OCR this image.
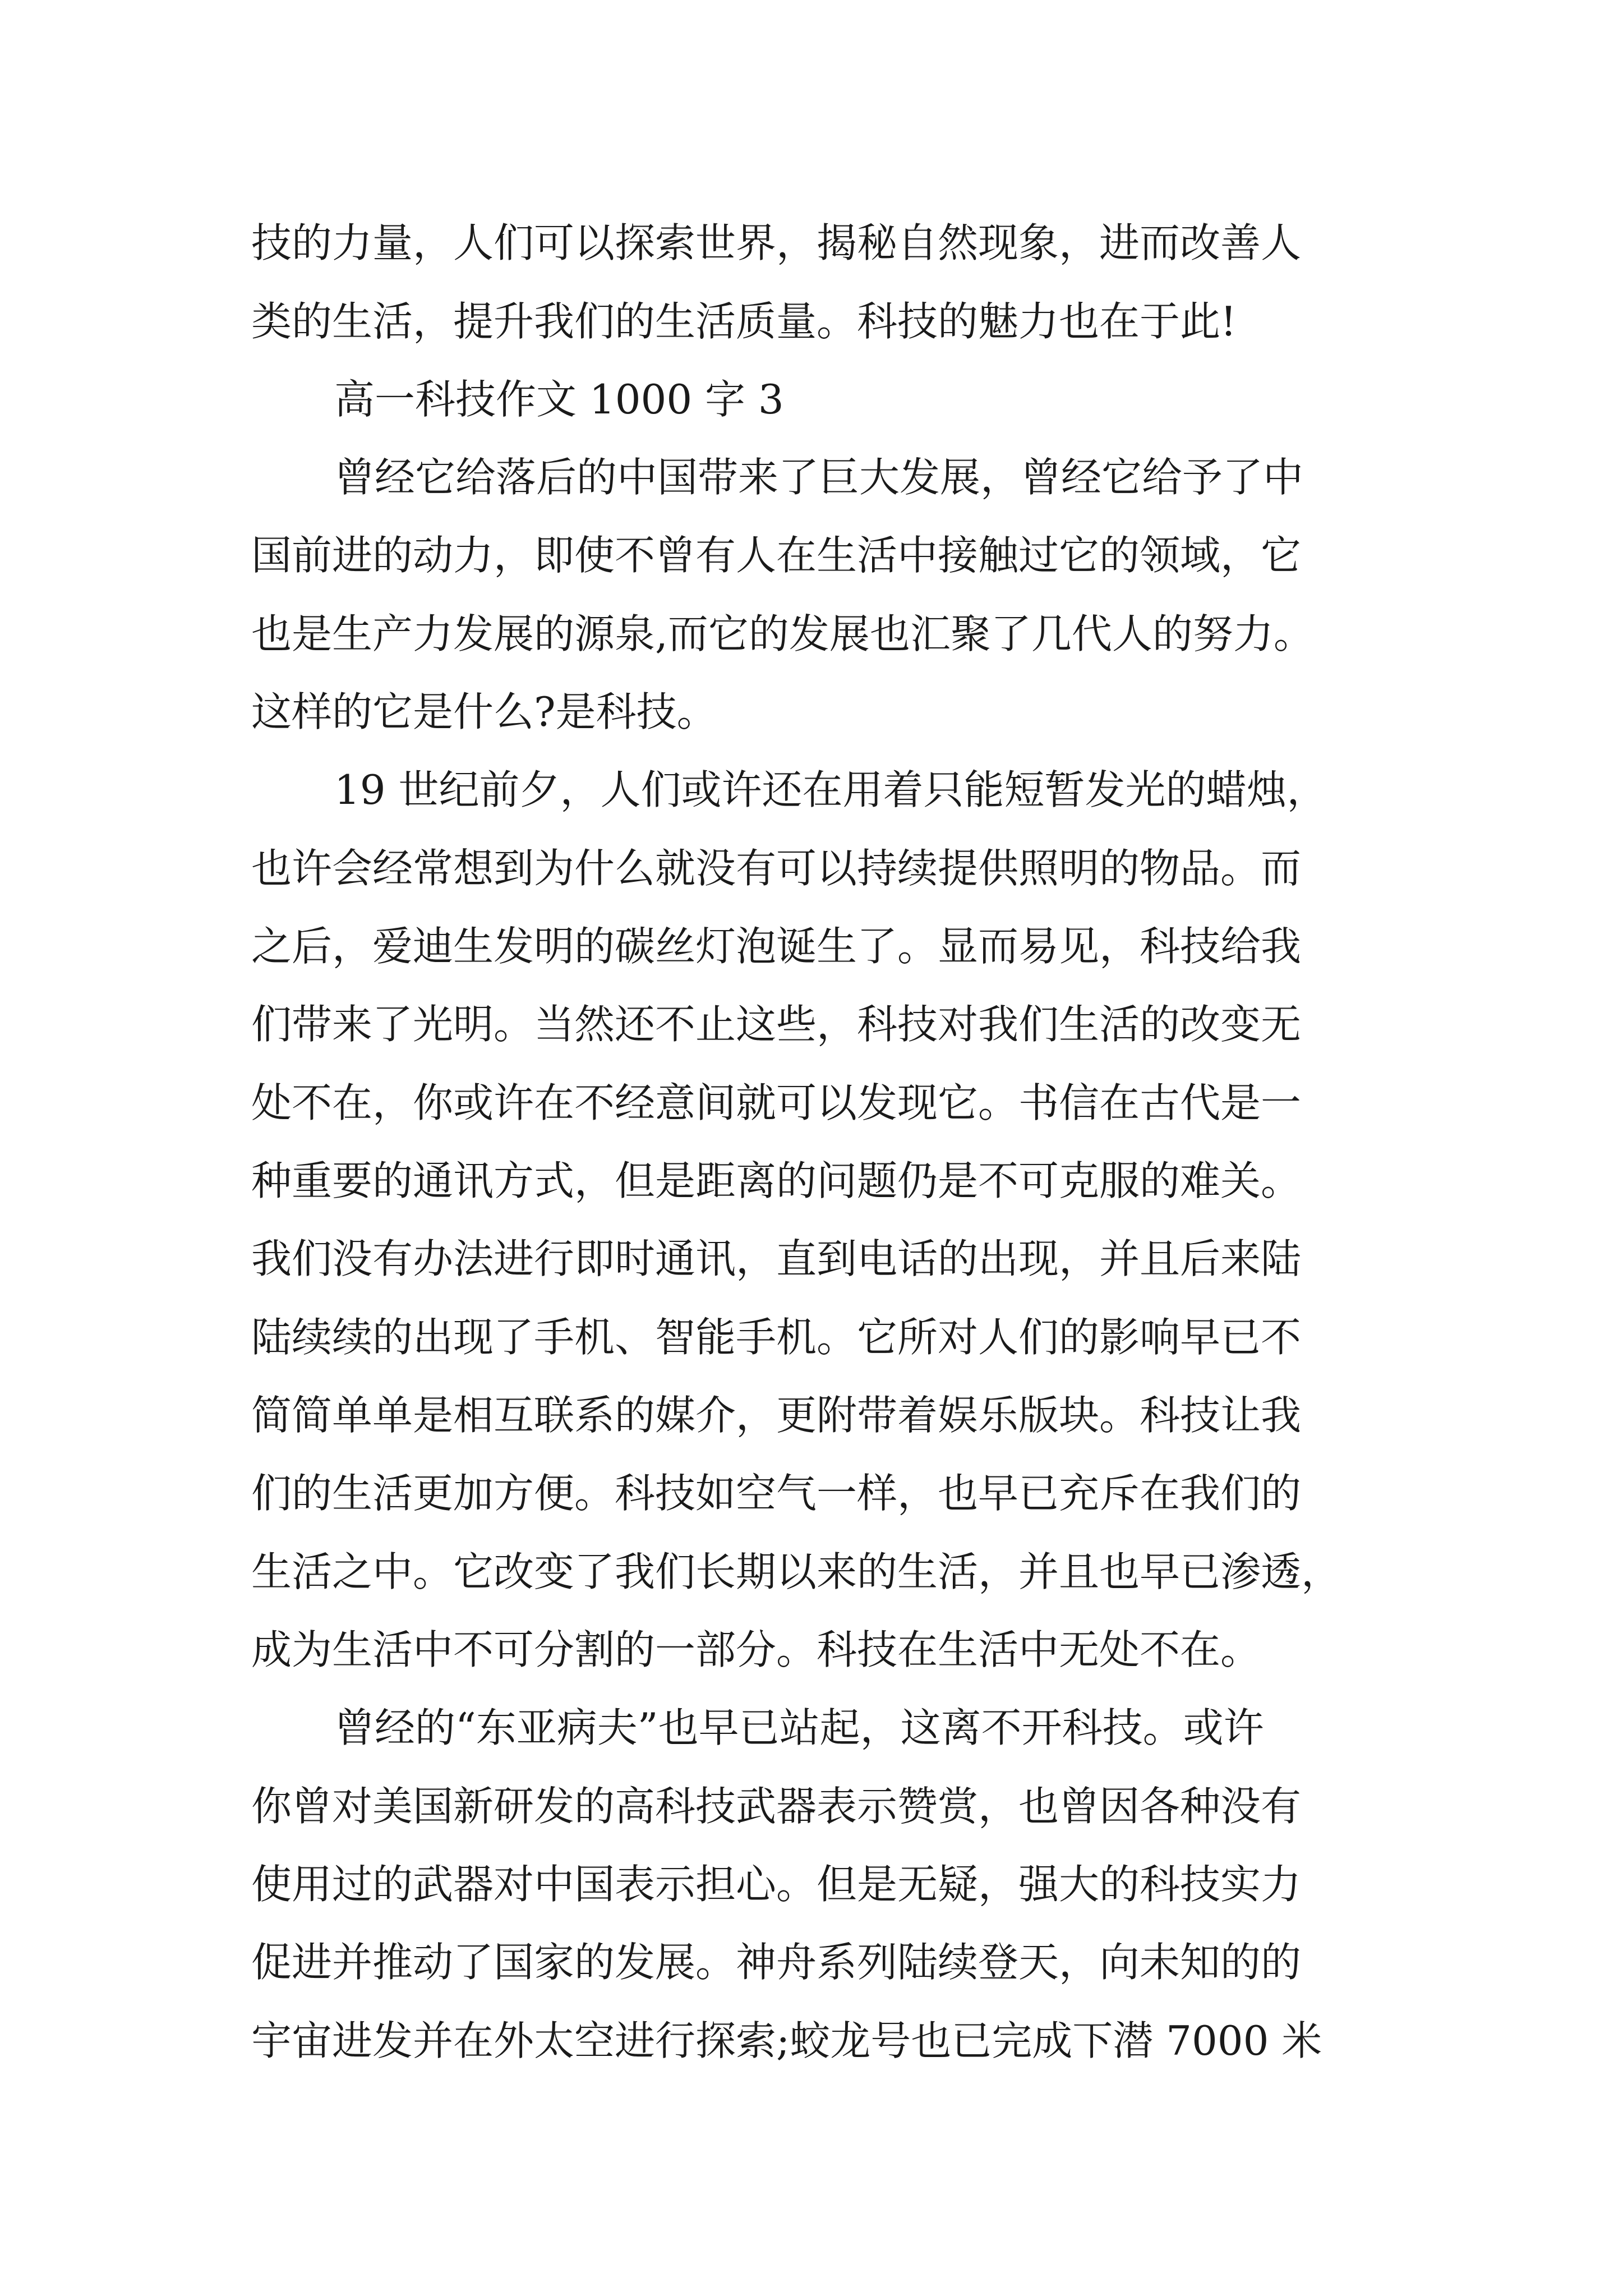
技的力量，人们可以探索世界，揭秘自然现象，进而改善人
类的生活，提升我们的生活质量。科技的魅力也在于此!
高一科技作文 1000 字 3
曾经它给落后的中国带来了巨大发展，曾经它给予了中
国前进的动力，即使不曾有人在生活中接触过它的领域，它
也是生产力发展的源泉,而它的发展也汇聚了几代人的努力。
这样的它是什么?是科技。
19 世纪前夕，人们或许还在用着只能短暂发光的蜡烛，
也许会经常想到为什么就没有可以持续提供照明的物品。而
之后，爱迪生发明的碳丝灯泡诞生了。显而易见，科技给我
们带来了光明。当然还不止这些，科技对我们生活的改变无
处不在，你或许在不经意间就可以发现它。书信在古代是一
种重要的通讯方式，但是距离的问题仍是不可克服的难关。
我们没有办法进行即时通讯，直到电话的出现，并且后来陆
陆续续的出现了手机、智能手机。它所对人们的影响早已不
简简单单是相互联系的媒介，更附带着娱乐版块。科技让我
们的生活更加方便。科技如空气一样，也早已充斥在我们的
生活之中。它改变了我们长期以来的生活，并且也早已渗透，
成为生活中不可分割的一部分。科技在生活中无处不在。
曾经的“东亚病夫”也早已站起，这离不开科技。或许
你曾对美国新研发的高科技武器表示赞赏，也曾因各种没有
使用过的武器对中国表示担心。但是无疑，强大的科技实力
促进并推动了国家的发展。神舟系列陆续登天，向未知的的
宇宙进发并在外太空进行探索;蛟龙号也已完成下潜 7000 米
